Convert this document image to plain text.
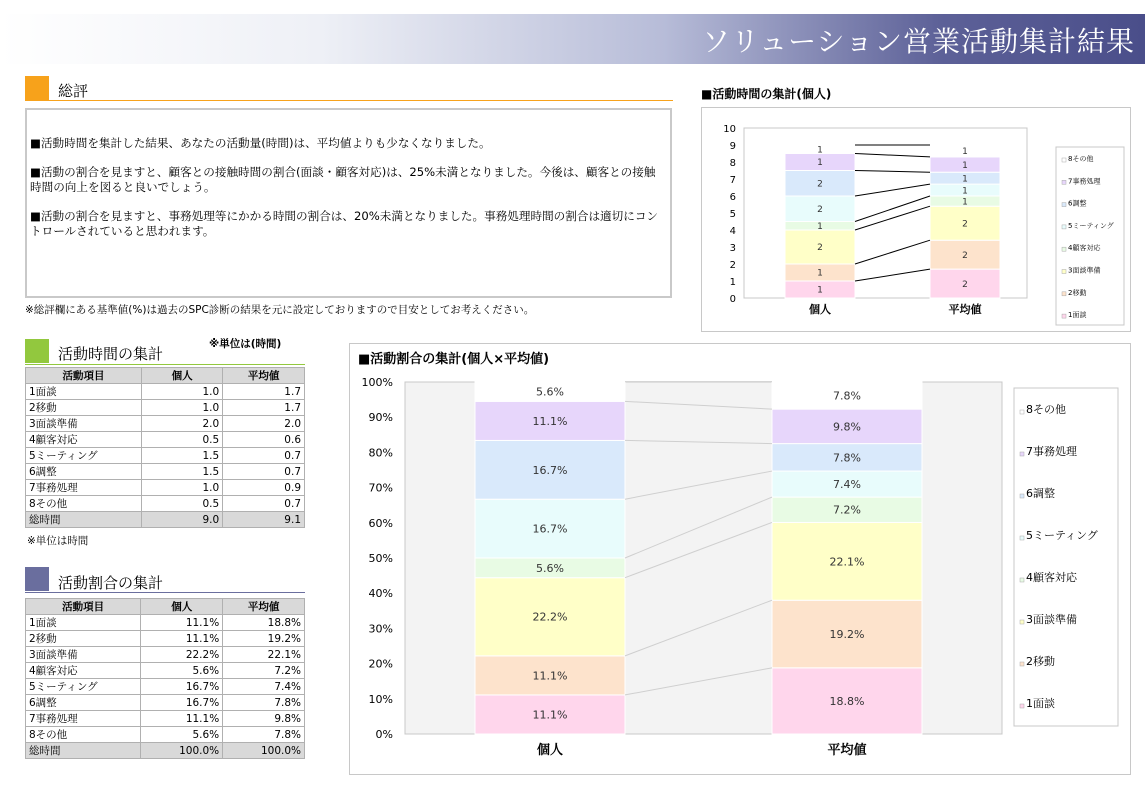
ソリューション営業活動集計結果
総評

■活動時間を集計した結果、あなたの活動量(時間)は、平均値よりも少なくなりました。

■活動の割合を見ますと、顧客との接触時間の割合(面談・顧客対応)は、25%未満となりました。今後は、顧客との接触時間の向上を図ると良いでしょう。

■活動の割合を見ますと、事務処理等にかかる時間の割合は、20%未満となりました。事務処理時間の割合は適切にコントロールされていると思われます。

※総評欄にある基準値(%)は過去のSPC診断の結果を元に設定しておりますので目安としてお考えください。
活動時間の集計
※単位は(時間)
活動項目	個人	平均値
1面談	1.0	1.7
2移動	1.0	1.7
3面談準備	2.0	2.0
4顧客対応	0.5	0.6
5ミーティング	1.5	0.7
6調整	1.5	0.7
7事務処理	1.0	0.9
8その他	0.5	0.7
総時間	9.0	9.1
※単位は時間
活動割合の集計
活動項目	個人	平均値
1面談	11.1%	18.8%
2移動	11.1%	19.2%
3面談準備	22.2%	22.1%
4顧客対応	5.6%	7.2%
5ミーティング	16.7%	7.4%
6調整	16.7%	7.8%
7事務処理	11.1%	9.8%
8その他	5.6%	7.8%
総時間	100.0%	100.0%
■活動時間の集計(個人)
0
1
2
3
4
5
6
7
8
9
10
1
1
2
1
2
2
1
1
個人
2
2
2
1
1
1
1
1
平均値
8その他
7事務処理
6調整
5ミーティング
4顧客対応
3面談準備
2移動
1面談
■活動割合の集計(個人×平均値)
0%
10%
20%
30%
40%
50%
60%
70%
80%
90%
100%
11.1%
11.1%
22.2%
5.6%
16.7%
16.7%
11.1%
5.6%
個人
18.8%
19.2%
22.1%
7.2%
7.4%
7.8%
9.8%
7.8%
平均値
8その他
7事務処理
6調整
5ミーティング
4顧客対応
3面談準備
2移動
1面談
